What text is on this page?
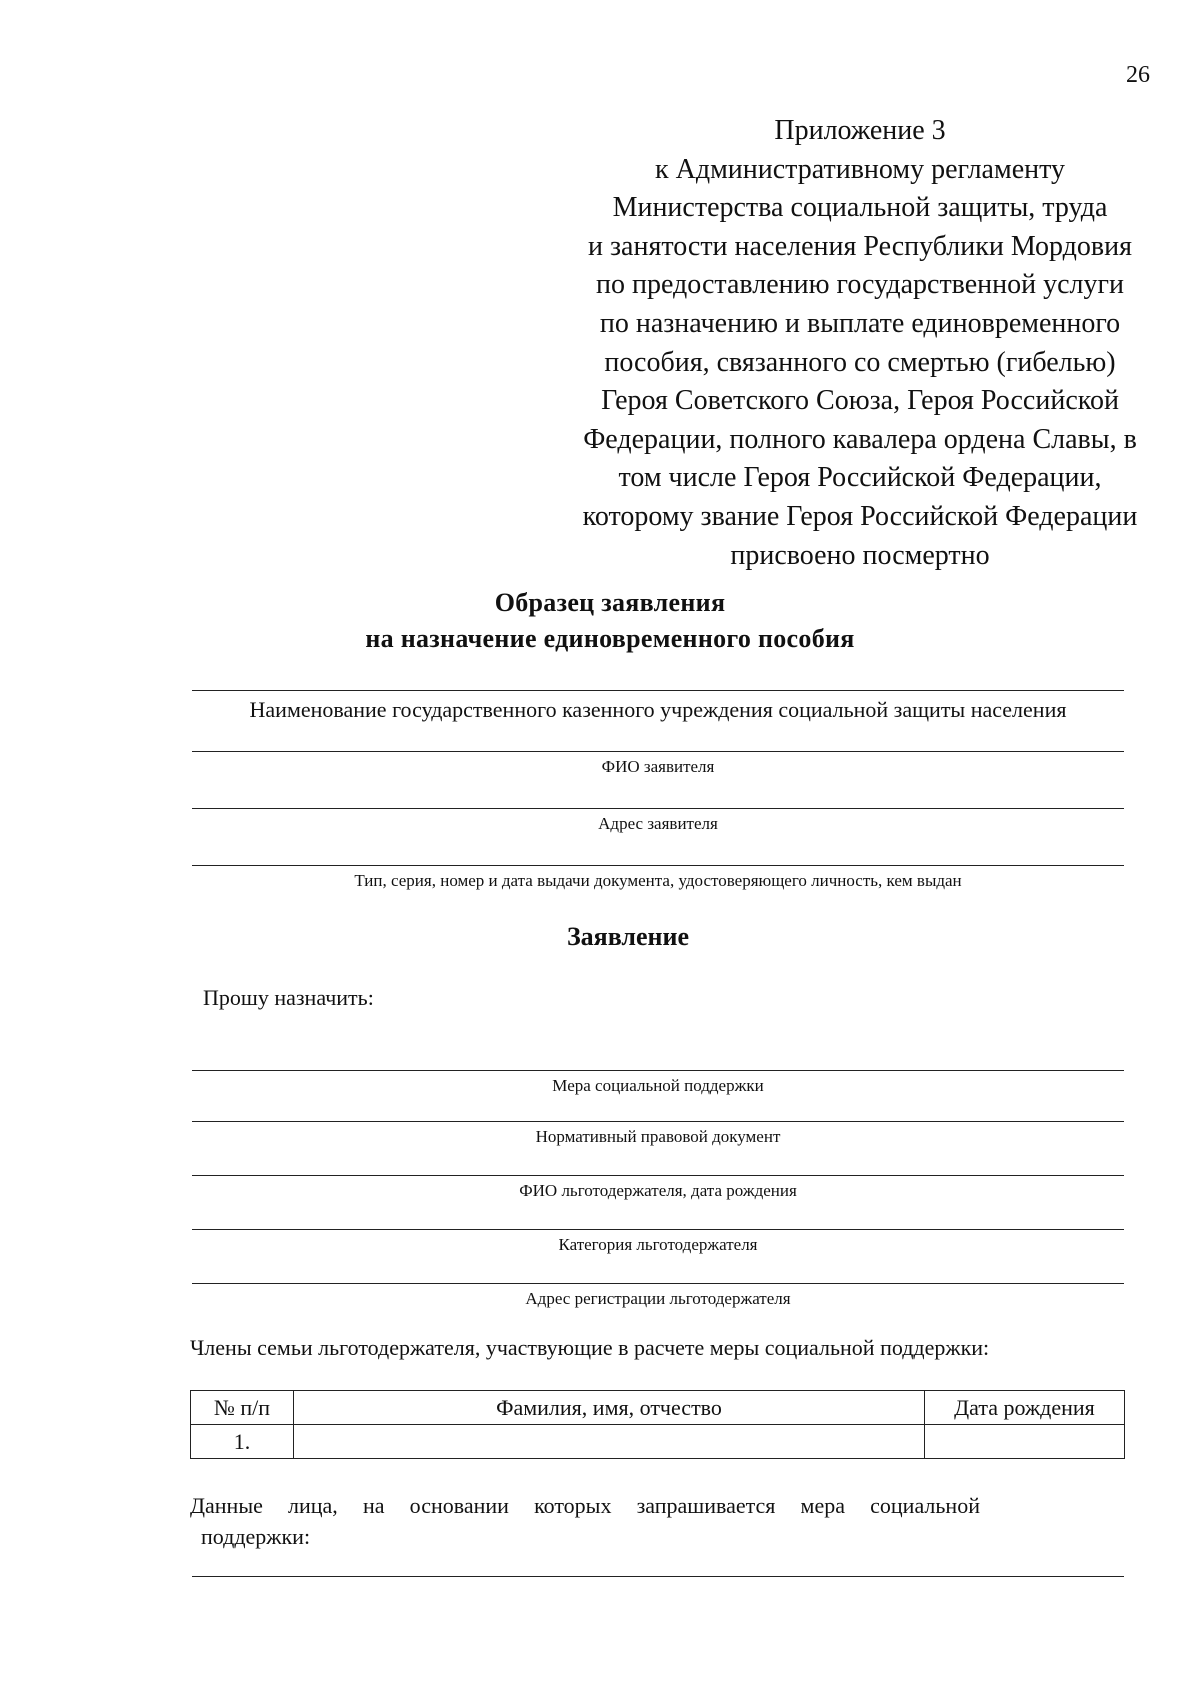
26
Приложение 3
к Административному регламенту
Министерства социальной защиты, труда
и занятости населения Республики Мордовия
по предоставлению государственной услуги
по назначению и выплате единовременного
пособия, связанного со смертью (гибелью)
Героя Советского Союза, Героя Российской
Федерации, полного кавалера ордена Славы, в
том числе Героя Российской Федерации,
которому звание Героя Российской Федерации
присвоено посмертно
Образец заявления
на назначение единовременного пособия
Наименование государственного казенного учреждения социальной защиты населения
ФИО заявителя
Адрес заявителя
Тип, серия, номер и дата выдачи документа, удостоверяющего личность, кем выдан
Заявление
Прошу назначить:
Мера социальной поддержки
Нормативный правовой документ
ФИО льготодержателя, дата рождения
Категория льготодержателя
Адрес регистрации льготодержателя
Члены семьи льготодержателя, участвующие в расчете меры социальной поддержки:
№ п/п	Фамилия, имя, отчество	Дата рождения
1.		
Данные лица, на основании которых запрашивается мера социальной
поддержки:
